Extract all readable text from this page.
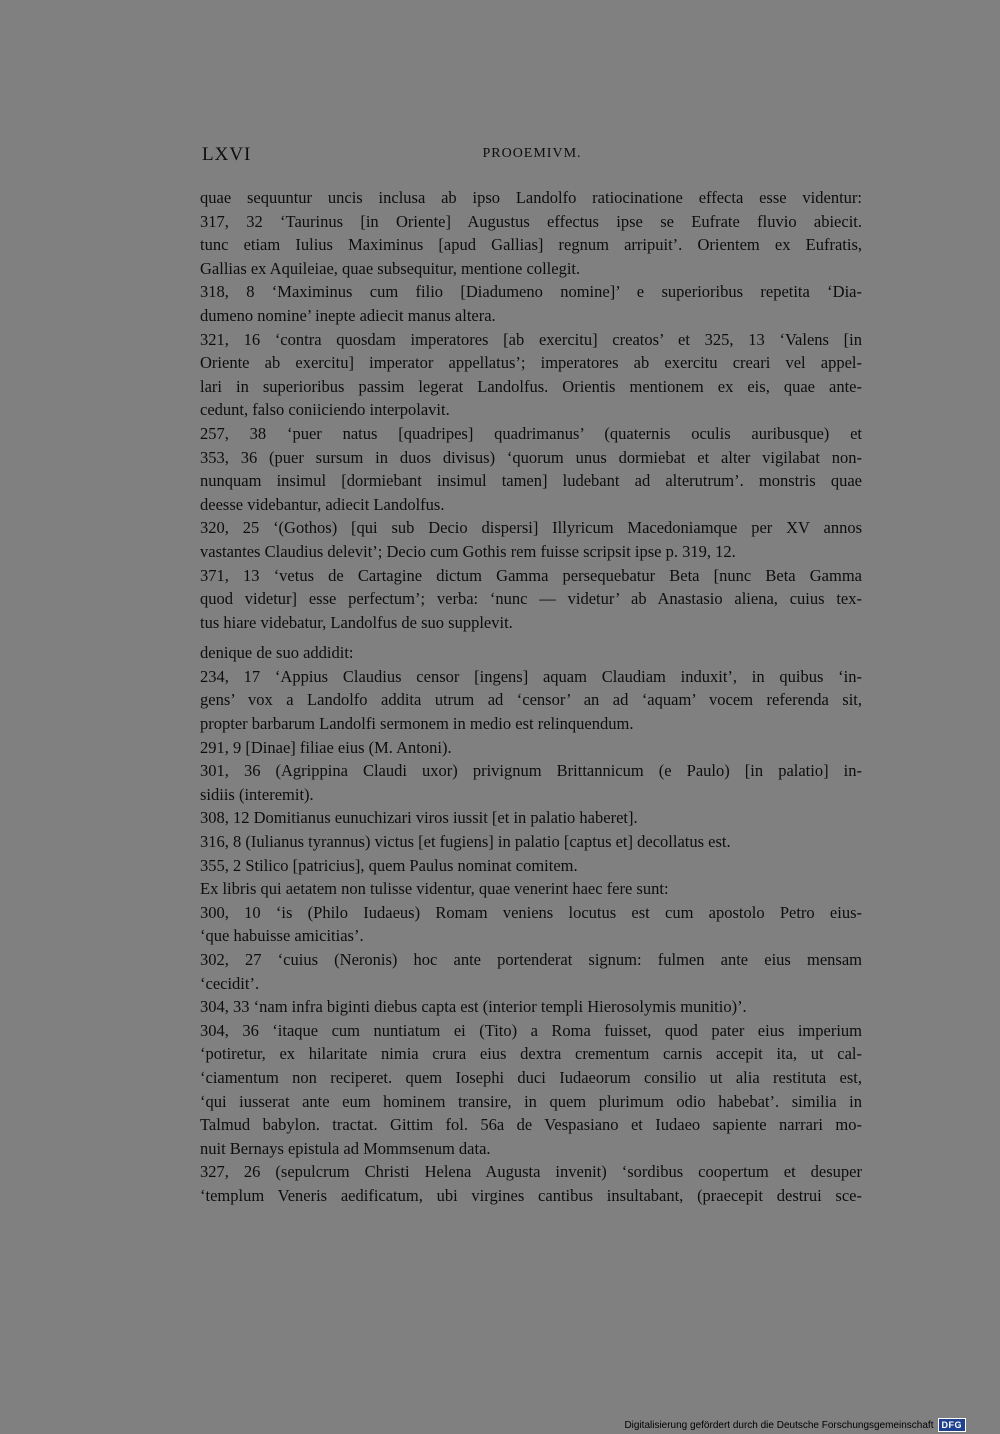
LXVI	PROOEMIVM.
quae sequuntur uncis inclusa ab ipso Landolfo ratiocinatione effecta esse videntur:
317, 32 ‘Taurinus [in Oriente] Augustus effectus ipse se Eufrate fluvio abiecit.
tunc etiam Iulius Maximinus [apud Gallias] regnum arripuit’. Orientem ex Eufratis,
Gallias ex Aquileiae, quae subsequitur, mentione collegit.
318, 8 ‘Maximinus cum filio [Diadumeno nomine]’ e superioribus repetita ‘Dia-
dumeno nomine’ inepte adiecit manus altera.
321, 16 ‘contra quosdam imperatores [ab exercitu] creatos’ et 325, 13 ‘Valens [in
Oriente ab exercitu] imperator appellatus’; imperatores ab exercitu creari vel appel-
lari in superioribus passim legerat Landolfus. Orientis mentionem ex eis, quae ante-
cedunt, falso coniiciendo interpolavit.
257, 38 ‘puer natus [quadripes] quadrimanus’ (quaternis oculis auribusque) et
353, 36 (puer sursum in duos divisus) ‘quorum unus dormiebat et alter vigilabat non-
nunquam insimul [dormiebant insimul tamen] ludebant ad alterutrum’. monstris quae
deesse videbantur, adiecit Landolfus.
320, 25 ‘(Gothos) [qui sub Decio dispersi] Illyricum Macedoniamque per XV annos
vastantes Claudius delevit’; Decio cum Gothis rem fuisse scripsit ipse p. 319, 12.
371, 13 ‘vetus de Cartagine dictum Gamma persequebatur Beta [nunc Beta Gamma
quod videtur] esse perfectum’; verba: ‘nunc — videtur’ ab Anastasio aliena, cuius tex-
tus hiare videbatur, Landolfus de suo supplevit.
denique de suo addidit:
234, 17 ‘Appius Claudius censor [ingens] aquam Claudiam induxit’, in quibus ‘in-
gens’ vox a Landolfo addita utrum ad ‘censor’ an ad ‘aquam’ vocem referenda sit,
propter barbarum Landolfi sermonem in medio est relinquendum.
291, 9 [Dinae] filiae eius (M. Antoni).
301, 36 (Agrippina Claudi uxor) privignum Brittannicum (e Paulo) [in palatio] in-
sidiis (interemit).
308, 12 Domitianus eunuchizari viros iussit [et in palatio haberet].
316, 8 (Iulianus tyrannus) victus [et fugiens] in palatio [captus et] decollatus est.
355, 2 Stilico [patricius], quem Paulus nominat comitem.
Ex libris qui aetatem non tulisse videntur, quae venerint haec fere sunt:
300, 10 ‘is (Philo Iudaeus) Romam veniens locutus est cum apostolo Petro eius-
‘que habuisse amicitias’.
302, 27 ‘cuius (Neronis) hoc ante portenderat signum: fulmen ante eius mensam
‘cecidit’.
304, 33 ‘nam infra biginti diebus capta est (interior templi Hierosolymis munitio)’.
304, 36 ‘itaque cum nuntiatum ei (Tito) a Roma fuisset, quod pater eius imperium
‘potiretur, ex hilaritate nimia crura eius dextra crementum carnis accepit ita, ut cal-
‘ciamentum non reciperet. quem Iosephi duci Iudaeorum consilio ut alia restituta est,
‘qui iusserat ante eum hominem transire, in quem plurimum odio habebat’. similia in
Talmud babylon. tractat. Gittim fol. 56a de Vespasiano et Iudaeo sapiente narrari mo-
nuit Bernays epistula ad Mommsenum data.
327, 26 (sepulcrum Christi Helena Augusta invenit) ‘sordibus coopertum et desuper
‘templum Veneris aedificatum, ubi virgines cantibus insultabant, (praecepit destrui sce-
Digitalisierung gefördert durch die Deutsche Forschungsgemeinschaft DFG
